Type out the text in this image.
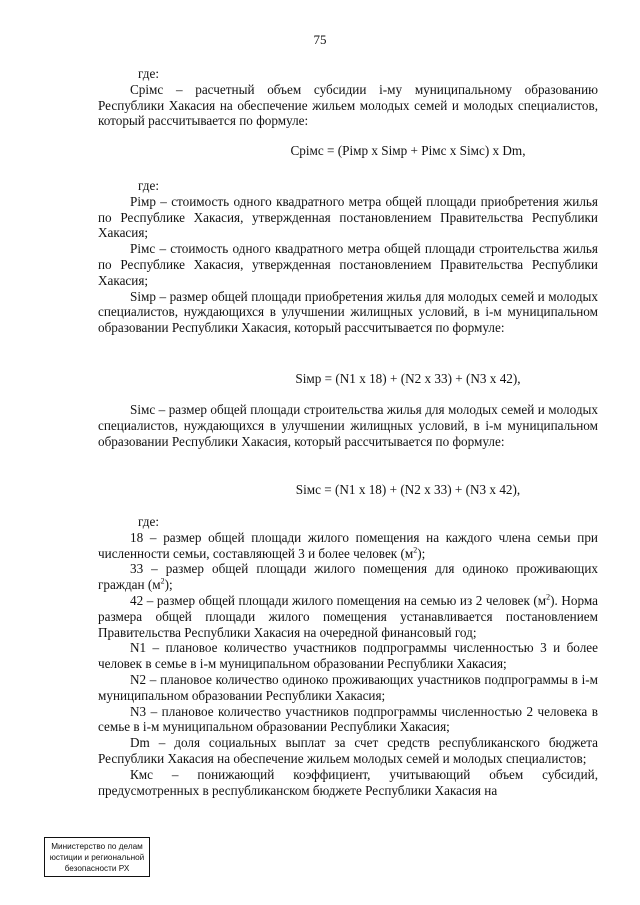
75

где:

Срімс – расчетный объем субсидии і-му муниципальному образованию Республики Хакасия на обеспечение жильем молодых семей и молодых специалистов, который рассчитывается по формуле:

Срімс = (Рімр х Sімр + Рімс х Sімс) х Dm,

где:

Рімр – стоимость одного квадратного метра общей площади приобретения жилья по Республике Хакасия, утвержденная постановлением Правительства Республики Хакасия;

Рімс – стоимость одного квадратного метра общей площади строительства жилья по Республике Хакасия, утвержденная постановлением Правительства Республики Хакасия;

Sімр – размер общей площади приобретения жилья для молодых семей и молодых специалистов, нуждающихся в улучшении жилищных условий, в і-м муниципальном образовании Республики Хакасия, который рассчитывается по формуле:

Sімр = (N1 х 18) + (N2 х 33) + (N3 х 42),

Sімс – размер общей площади строительства жилья для молодых семей и молодых специалистов, нуждающихся в улучшении жилищных условий, в і-м муниципальном образовании Республики Хакасия, который рассчитывается по формуле:

Sімс = (N1 х 18) + (N2 х 33) + (N3 х 42),

где:

18 – размер общей площади жилого помещения на каждого члена семьи при численности семьи, составляющей 3 и более человек $(м^2)$;

33 – размер общей площади жилого помещения для одиноко проживающих граждан $(м^2)$;

42 – размер общей площади жилого помещения на семью из 2 человек $(м^2)$. Норма размера общей площади жилого помещения устанавливается постановлением Правительства Республики Хакасия на очередной финансовый год;

N1 – плановое количество участников подпрограммы численностью 3 и более человек в семье в і-м муниципальном образовании Республики Хакасия;

N2 – плановое количество одиноко проживающих участников подпрограммы в і-м муниципальном образовании Республики Хакасия;

N3 – плановое количество участников подпрограммы численностью 2 человека в семье в і-м муниципальном образовании Республики Хакасия;

Dm – доля социальных выплат за счет средств республиканского бюджета Республики Хакасия на обеспечение жильем молодых семей и молодых специалистов;

Кмс – понижающий коэффициент, учитывающий объем субсидий, предусмотренных в республиканском бюджете Республики Хакасия на

Министерство по делам
юстиции и региональной
безопасности РХ
